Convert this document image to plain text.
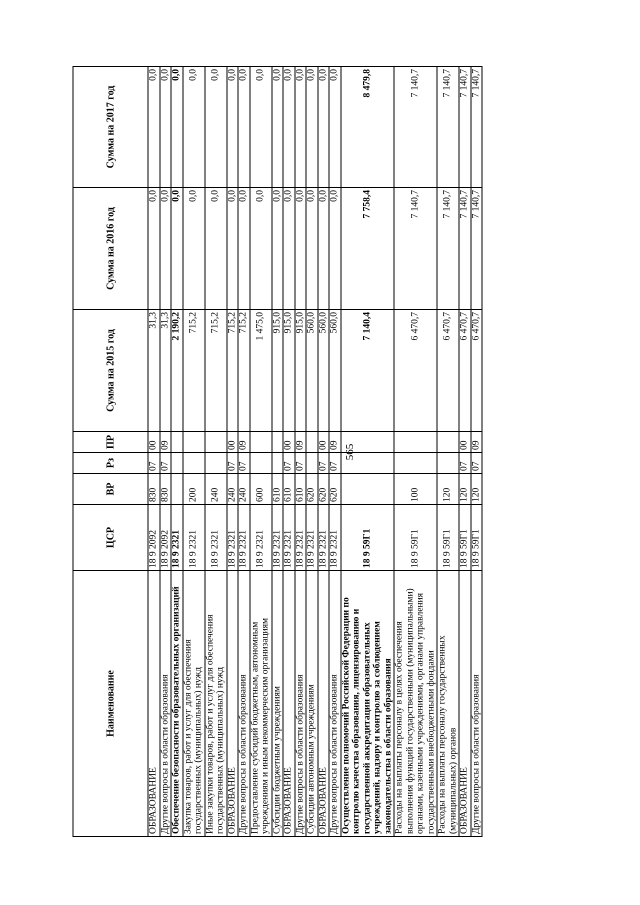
565
Наименование	ЦСР	ВР	Рз	ПР	Сумма на 2015 год	Сумма на 2016 год	Сумма на 2017 год
ОБРАЗОВАНИЕ	18 9 2092	830	07	00	31,3	0,0	0,0
Другие вопросы в области образования	18 9 2092	830	07	09	31,3	0,0	0,0
Обеспечение безопасности образовательных организаций	18 9 2321				2 190,2	0,0	0,0
Закупка товаров, работ и услуг для обеспечения государственных (муниципальных) нужд	18 9 2321	200			715,2	0,0	0,0
Иные закупки товаров, работ и услуг для обеспечения государственных (муниципальных) нужд	18 9 2321	240			715,2	0,0	0,0
ОБРАЗОВАНИЕ	18 9 2321	240	07	00	715,2	0,0	0,0
Другие вопросы в области образования	18 9 2321	240	07	09	715,2	0,0	0,0
Предоставление субсидий бюджетным, автономным учреждениям и иным некоммерческим организациям	18 9 2321	600			1 475,0	0,0	0,0
Субсидии бюджетным учреждениям	18 9 2321	610			915,0	0,0	0,0
ОБРАЗОВАНИЕ	18 9 2321	610	07	00	915,0	0,0	0,0
Другие вопросы в области образования	18 9 2321	610	07	09	915,0	0,0	0,0
Субсидии автономным учреждениям	18 9 2321	620			560,0	0,0	0,0
ОБРАЗОВАНИЕ	18 9 2321	620	07	00	560,0	0,0	0,0
Другие вопросы в области образования	18 9 2321	620	07	09	560,0	0,0	0,0
Осуществление полномочий Российской Федерации по контролю качества образования, лицензированию и государственной аккредитации образовательных учреждений, надзору и контролю за соблюдением законодательства в области образования	18 9 59Г1				7 140,4	7 758,4	8 479,8
Расходы на выплаты персоналу в целях обеспечения выполнения функций государственными (муниципальными) органами, казенными учреждениями, органами управления государственными внебюджетными фондами	18 9 59Г1	100			6 470,7	7 140,7	7 140,7
Расходы на выплаты персоналу государственных (муниципальных) органов	18 9 59Г1	120			6 470,7	7 140,7	7 140,7
ОБРАЗОВАНИЕ	18 9 59Г1	120	07	00	6 470,7	7 140,7	7 140,7
Другие вопросы в области образования	18 9 59Г1	120	07	09	6 470,7	7 140,7	7 140,7
